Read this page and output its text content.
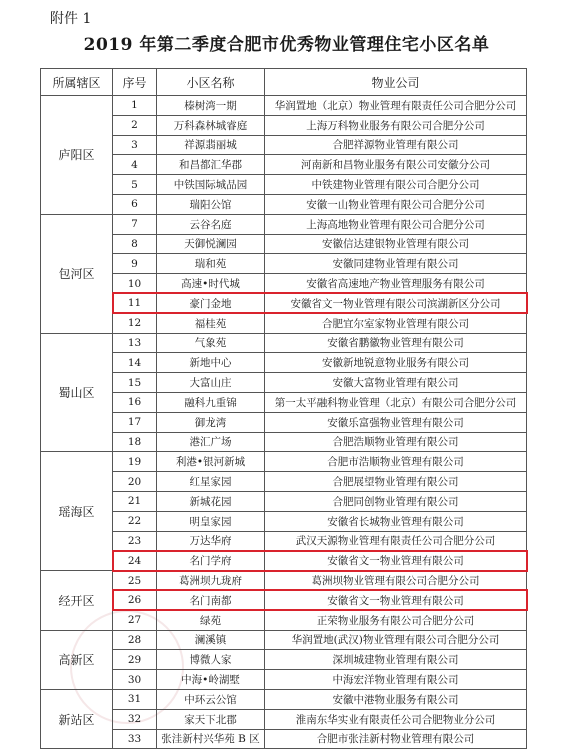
附件 1
2019 年第二季度合肥市优秀物业管理住宅小区名单
所属辖区	序号	小区名称	物业公司
庐阳区	1	榛树湾一期	华润置地（北京）物业管理有限责任公司合肥分公司
	2	万科森林城睿庭	上海万科物业服务有限公司合肥分公司
	3	祥源翡丽城	合肥祥源物业管理有限公司
	4	和昌都汇华郡	河南新和昌物业服务有限公司安徽分公司
	5	中铁国际城品园	中铁建物业管理有限公司合肥分公司
	6	瑞阳公馆	安徽一山物业管理有限公司合肥分公司
包河区	7	云谷名庭	上海高地物业管理有限公司合肥分公司
	8	天御悦澜园	安徽信达建银物业管理有限公司
	9	瑞和苑	安徽同建物业管理有限公司
	10	高速•时代城	安徽省高速地产物业管理服务有限公司
	11	豪门金地	安徽省文一物业管理有限公司滨湖新区分公司
	12	福桂苑	合肥宜尔室家物业管理有限公司
蜀山区	13	气象苑	安徽省鹏徽物业管理有限公司
	14	新地中心	安徽新地锐意物业服务有限公司
	15	大富山庄	安徽大富物业管理有限公司
	16	融科九重锦	第一太平融科物业管理（北京）有限公司合肥分公司
	17	御龙湾	安徽乐富强物业管理有限公司
	18	港汇广场	合肥浩顺物业管理有限公司
瑶海区	19	利港•银河新城	合肥市浩顺物业管理有限公司
	20	红星家园	合肥展望物业管理有限公司
	21	新城花园	合肥同创物业管理有限公司
	22	明皇家园	安徽省长城物业管理有限公司
	23	万达华府	武汉天源物业管理有限责任公司合肥分公司
	24	名门学府	安徽省文一物业管理有限公司
经开区	25	葛洲坝九珑府	葛洲坝物业管理有限公司合肥分公司
	26	名门南都	安徽省文一物业管理有限公司
	27	绿苑	正荣物业服务有限公司合肥分公司
高新区	28	澜溪镇	华润置地(武汉)物业管理有限公司合肥分公司
	29	博微人家	深圳城建物业管理有限公司
	30	中海•岭湖墅	中海宏洋物业管理有限公司
新站区	31	中环云公馆	安徽中港物业服务有限公司
	32	家天下北郡	淮南东华实业有限责任公司合肥物业分公司
	33	张洼新村兴华苑 B 区	合肥市张洼新村物业管理有限公司
